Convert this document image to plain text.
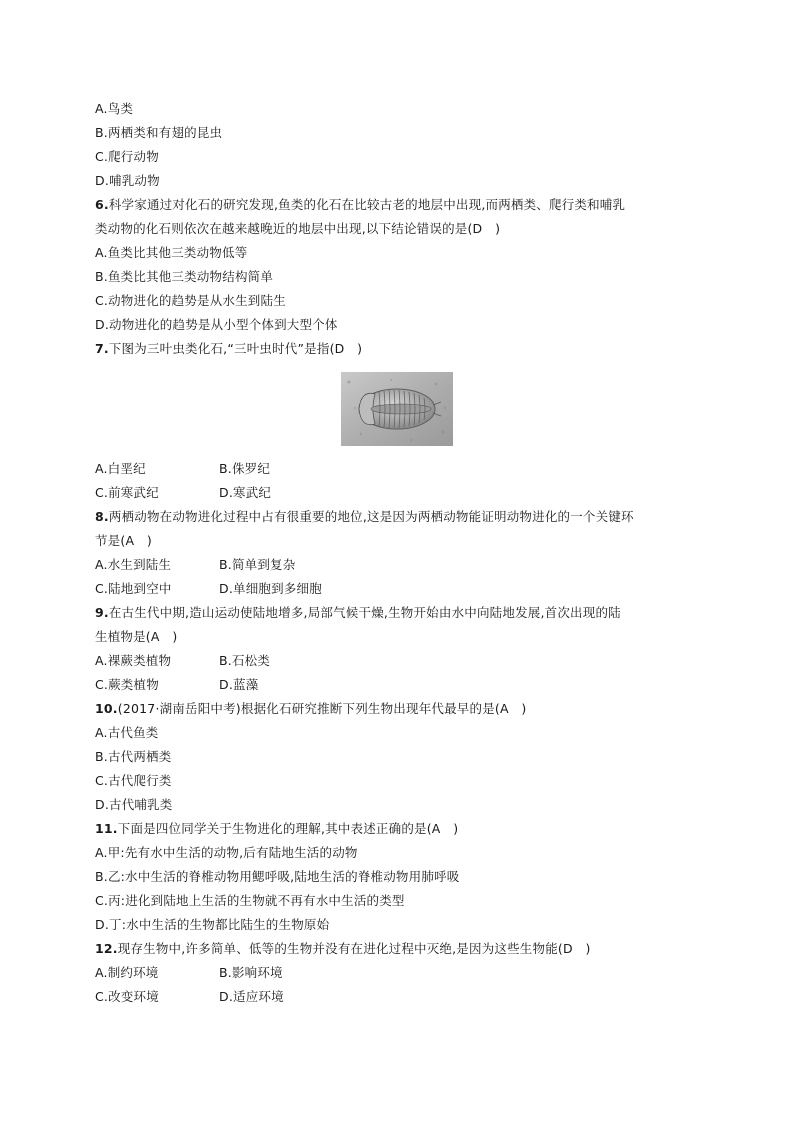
A.鸟类
B.两栖类和有翅的昆虫
C.爬行动物
D.哺乳动物
6.科学家通过对化石的研究发现,鱼类的化石在比较古老的地层中出现,而两栖类、爬行类和哺乳
类动物的化石则依次在越来越晚近的地层中出现,以下结论错误的是(D　)
A.鱼类比其他三类动物低等
B.鱼类比其他三类动物结构简单
C.动物进化的趋势是从水生到陆生
D.动物进化的趋势是从小型个体到大型个体
7.下图为三叶虫类化石,“三叶虫时代”是指(D　)
A.白垩纪	B.侏罗纪
C.前寒武纪	D.寒武纪
8.两栖动物在动物进化过程中占有很重要的地位,这是因为两栖动物能证明动物进化的一个关键环
节是(A　)
A.水生到陆生	B.简单到复杂
C.陆地到空中	D.单细胞到多细胞
9.在古生代中期,造山运动使陆地增多,局部气候干燥,生物开始由水中向陆地发展,首次出现的陆
生植物是(A　)
A.裸蕨类植物	B.石松类
C.蕨类植物	D.蓝藻
10.(2017·湖南岳阳中考)根据化石研究推断下列生物出现年代最早的是(A　)
A.古代鱼类
B.古代两栖类
C.古代爬行类
D.古代哺乳类
11.下面是四位同学关于生物进化的理解,其中表述正确的是(A　)
A.甲:先有水中生活的动物,后有陆地生活的动物
B.乙:水中生活的脊椎动物用鳃呼吸,陆地生活的脊椎动物用肺呼吸
C.丙:进化到陆地上生活的生物就不再有水中生活的类型
D.丁:水中生活的生物都比陆生的生物原始
12.现存生物中,许多简单、低等的生物并没有在进化过程中灭绝,是因为这些生物能(D　)
A.制约环境	B.影响环境
C.改变环境	D.适应环境
